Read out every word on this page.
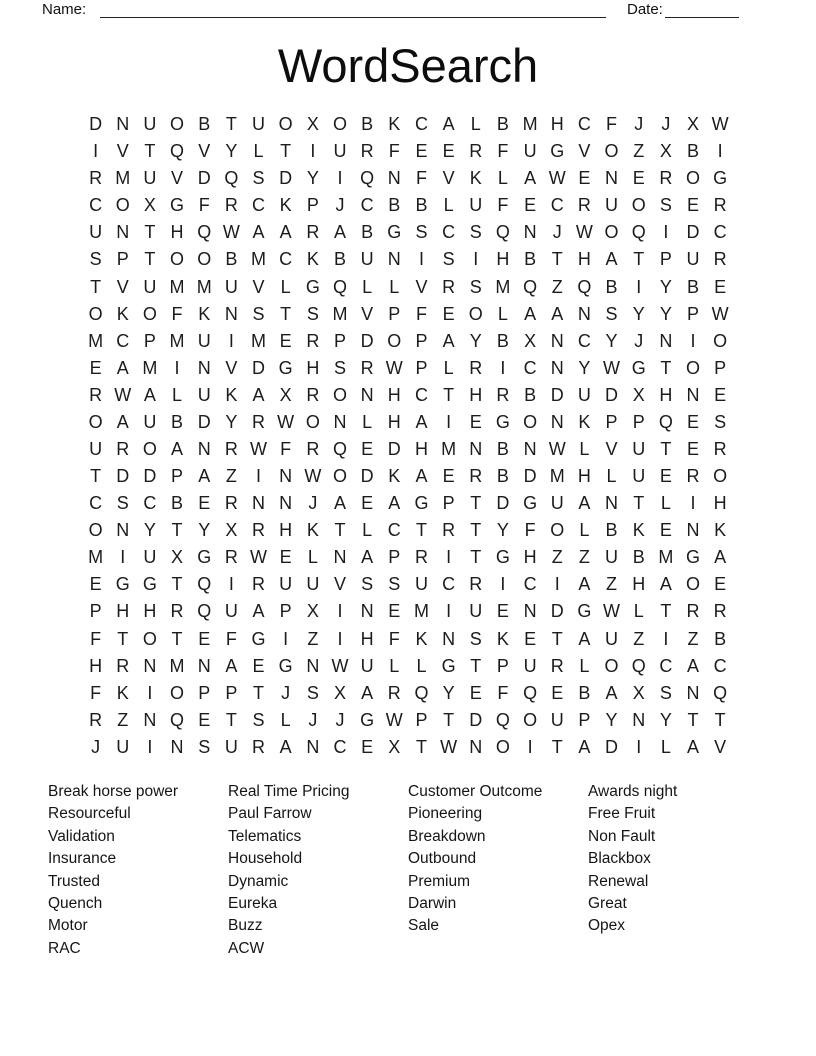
Name:	Date:
WordSearch
D N U O B T U O X O B K C A L B M H C F J	J X W
I	V T Q V Y L T	I	U R F E E R F U G V O Z X B	I
R M U V D Q S D Y	I Q N F V K L A W E N E R O G
C O X G F R C K P J C B B L U F E C R U O S E R
U N T H Q W A A R A B G S C S Q N J W O Q I	D C
S P T O O B M C K B U N	I	S	I	H B T H A T P U R
T V U M M U V L G Q L L V R S M Q Z Q B	I	Y B E
O K O F K N S T S M V P F E O L A A N S Y Y P W
M C P M U	I M E R P D O P A Y B X N C Y J N	I O
E A M I	N V D G H S R W P L R	I	C N Y W G T O P
R W A L U K A X R O N H C T H R B D U D X H N E
O A U B D Y R W O N L H A	I	E G O N K P P Q E S
U R O A N R W F R Q E D H M N B N W L V U T E R
T D D P A Z	I	N W O D K A E R B D M H L U E R O
C S C B E R N N J A E A G P T D G U A N T L	I	H
O N Y T Y X R H K T L C T R T Y F O L B K E N K
M I	U X G R W E L N A P R	I	T G H Z Z U B M G A
E G G T Q I	R U U V S S U C R	I	C	I	A Z H A O E
P H H R Q U A P X	I	N E M I	U E N D G W L T R R
F T O T E F G I	Z	I	H F K N S K E T A U Z	I	Z B
H R N M N A E G N W U L L G T P U R L O Q C A C
F K	I O P P T J S X A R Q Y E F Q E B A X S N Q
R Z N Q E T S L J	J G W P T D Q O U P Y N Y T T
J U	I	N S U R A N C E X T W N O I	T A D	I	L A V
Break horse power
Resourceful
Validation
Insurance
Trusted
Quench
Motor
RAC
Real Time Pricing
Paul Farrow
Telematics
Household
Dynamic
Eureka
Buzz
ACW
Customer Outcome
Pioneering
Breakdown
Outbound
Premium
Darwin
Sale
Awards night
Free Fruit
Non Fault
Blackbox
Renewal
Great
Opex
